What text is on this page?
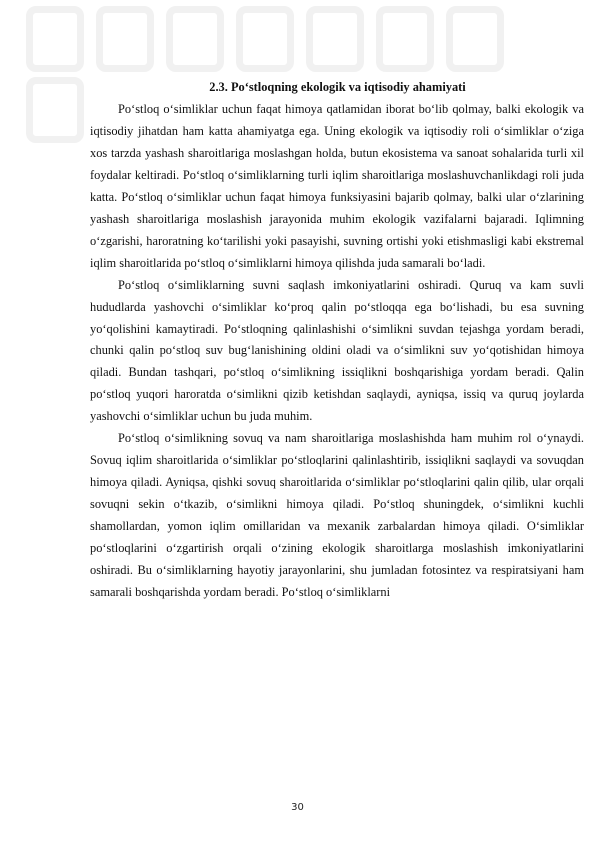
2.3. Po‘stloqning ekologik va iqtisodiy ahamiyati

Po‘stloq o‘simliklar uchun faqat himoya qatlamidan iborat bo‘lib qolmay, balki ekologik va iqtisodiy jihatdan ham katta ahamiyatga ega. Uning ekologik va iqtisodiy roli o‘simliklar o‘ziga xos tarzda yashash sharoitlariga moslashgan holda, butun ekosistema va sanoat sohalarida turli xil foydalar keltiradi. Po‘stloq o‘simliklarning turli iqlim sharoitlariga moslashuvchanlikdagi roli juda katta. Po‘stloq o‘simliklar uchun faqat himoya funksiyasini bajarib qolmay, balki ular o‘zlarining yashash sharoitlariga moslashish jarayonida muhim ekologik vazifalarni bajaradi. Iqlimning o‘zgarishi, haroratning ko‘tarilishi yoki pasayishi, suvning ortishi yoki etishmasligi kabi ekstremal iqlim sharoitlarida po‘stloq o‘simliklarni himoya qilishda juda samarali bo‘ladi.

Po‘stloq o‘simliklarning suvni saqlash imkoniyatlarini oshiradi. Quruq va kam suvli hududlarda yashovchi o‘simliklar ko‘proq qalin po‘stloqqa ega bo‘lishadi, bu esa suvning yo‘qolishini kamaytiradi. Po‘stloqning qalinlashishi o‘simlikni suvdan tejashga yordam beradi, chunki qalin po‘stloq suv bug‘lanishining oldini oladi va o‘simlikni suv yo‘qotishidan himoya qiladi. Bundan tashqari, po‘stloq o‘simlikning issiqlikni boshqarishiga yordam beradi. Qalin po‘stloq yuqori haroratda o‘simlikni qizib ketishdan saqlaydi, ayniqsa, issiq va quruq joylarda yashovchi o‘simliklar uchun bu juda muhim.

Po‘stloq o‘simlikning sovuq va nam sharoitlariga moslashishda ham muhim rol o‘ynaydi. Sovuq iqlim sharoitlarida o‘simliklar po‘stloqlarini qalinlashtirib, issiqlikni saqlaydi va sovuqdan himoya qiladi. Ayniqsa, qishki sovuq sharoitlarida o‘simliklar po‘stloqlarini qalin qilib, ular orqali sovuqni sekin o‘tkazib, o‘simlikni himoya qiladi. Po‘stloq shuningdek, o‘simlikni kuchli shamollardan, yomon iqlim omillaridan va mexanik zarbalardan himoya qiladi. O‘simliklar po‘stloqlarini o‘zgartirish orqali o‘zining ekologik sharoitlarga moslashish imkoniyatlarini oshiradi. Bu o‘simliklarning hayotiy jarayonlarini, shu jumladan fotosintez va respiratsiyani ham samarali boshqarishda yordam beradi. Po‘stloq o‘simliklarni

30
